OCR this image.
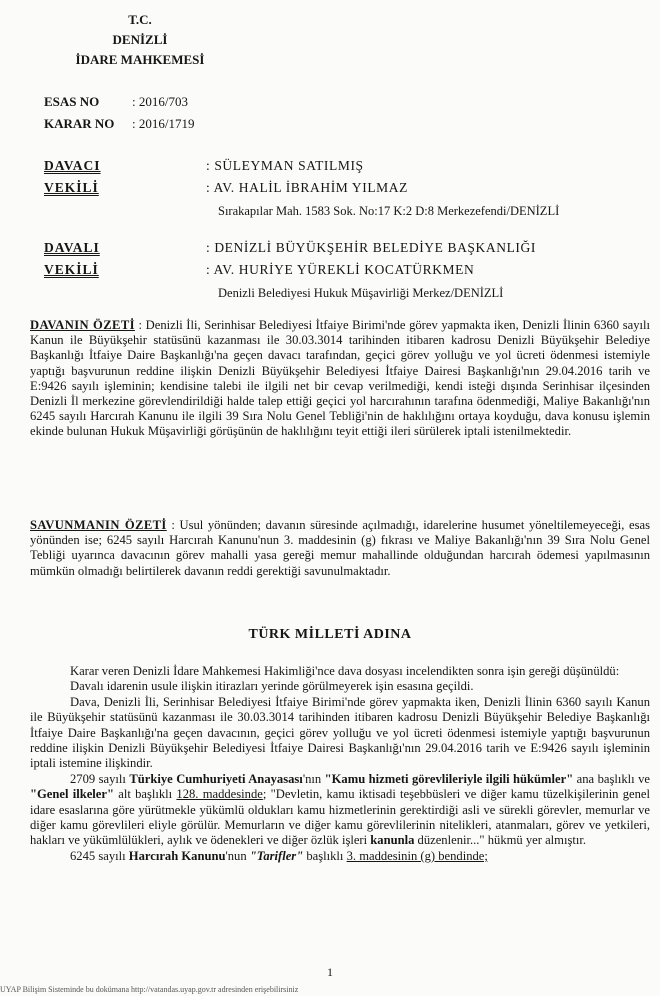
T.C.
DENİZLİ
İDARE MAHKEMESİ
ESAS NO	: 2016/703
KARAR NO : 2016/1719
DAVACI	: SÜLEYMAN SATILMIŞ
VEKİLİ	: AV. HALİL İBRAHİM YILMAZ
Sırakapılar Mah. 1583 Sok. No:17 K:2 D:8 Merkezefendi/DENİZLİ
DAVALI	: DENİZLİ BÜYÜKŞEHİR BELEDİYE BAŞKANLIĞI
VEKİLİ	: AV. HURİYE YÜREKLİ KOCATÜRKMEN
Denizli Belediyesi Hukuk Müşavirliği Merkez/DENİZLİ
DAVANIN ÖZETİ : Denizli İli, Serinhisar Belediyesi İtfaiye Birimi'nde görev yapmakta iken, Denizli İlinin 6360 sayılı Kanun ile Büyükşehir statüsünü kazanması ile 30.03.3014 tarihinden itibaren kadrosu Denizli Büyükşehir Belediye Başkanlığı İtfaiye Daire Başkanlığı'na geçen davacı tarafından, geçici görev yolluğu ve yol ücreti ödenmesi istemiyle yaptığı başvurunun reddine ilişkin Denizli Büyükşehir Belediyesi İtfaiye Dairesi Başkanlığı'nın 29.04.2016 tarih ve E:9426 sayılı işleminin; kendisine talebi ile ilgili net bir cevap verilmediği, kendi isteği dışında Serinhisar ilçesinden Denizli İl merkezine görevlendirildiği halde talep ettiği geçici yol harcırahının tarafına ödenmediği, Maliye Bakanlığı'nın 6245 sayılı Harcırah Kanunu ile ilgili 39 Sıra Nolu Genel Tebliği'nin de haklılığını ortaya koyduğu, dava konusu işlemin ekinde bulunan Hukuk Müşavirliği görüşünün de haklılığını teyit ettiği ileri sürülerek iptali istenilmektedir.
SAVUNMANIN ÖZETİ : Usul yönünden; davanın süresinde açılmadığı, idarelerine husumet yöneltilemeyeceği, esas yönünden ise; 6245 sayılı Harcırah Kanunu'nun 3. maddesinin (g) fıkrası ve Maliye Bakanlığı'nın 39 Sıra Nolu Genel Tebliği uyarınca davacının görev mahalli yasa gereği memur mahallinde olduğundan harcırah ödemesi yapılmasının mümkün olmadığı belirtilerek davanın reddi gerektiği savunulmaktadır.
TÜRK MİLLETİ ADINA

Karar veren Denizli İdare Mahkemesi Hakimliği'nce dava dosyası incelendikten sonra işin gereği düşünüldü:

Davalı idarenin usule ilişkin itirazları yerinde görülmeyerek işin esasına geçildi.

Dava, Denizli İli, Serinhisar Belediyesi İtfaiye Birimi'nde görev yapmakta iken, Denizli İlinin 6360 sayılı Kanun ile Büyükşehir statüsünü kazanması ile 30.03.3014 tarihinden itibaren kadrosu Denizli Büyükşehir Belediye Başkanlığı İtfaiye Daire Başkanlığı'na geçen davacının, geçici görev yolluğu ve yol ücreti ödenmesi istemiyle yaptığı başvurunun reddine ilişkin Denizli Büyükşehir Belediyesi İtfaiye Dairesi Başkanlığı'nın 29.04.2016 tarih ve E:9426 sayılı işleminin iptali istemine ilişkindir.

2709 sayılı Türkiye Cumhuriyeti Anayasası'nın "Kamu hizmeti görevlileriyle ilgili hükümler" ana başlıklı ve "Genel ilkeler" alt başlıklı 128. maddesinde; "Devletin, kamu iktisadi teşebbüsleri ve diğer kamu tüzelkişilerinin genel idare esaslarına göre yürütmekle yükümlü oldukları kamu hizmetlerinin gerektirdiği asli ve sürekli görevler, memurlar ve diğer kamu görevlileri eliyle görülür. Memurların ve diğer kamu görevlilerinin nitelikleri, atanmaları, görev ve yetkileri, hakları ve yükümlülükleri, aylık ve ödenekleri ve diğer özlük işleri kanunla düzenlenir..." hükmü yer almıştır.

6245 sayılı Harcırah Kanunu'nun "Tarifler" başlıklı 3. maddesinin (g) bendinde;

1
UYAP Bilişim Sisteminde bu dokümana http://vatandas.uyap.gov.tr adresinden erişebilirsiniz
